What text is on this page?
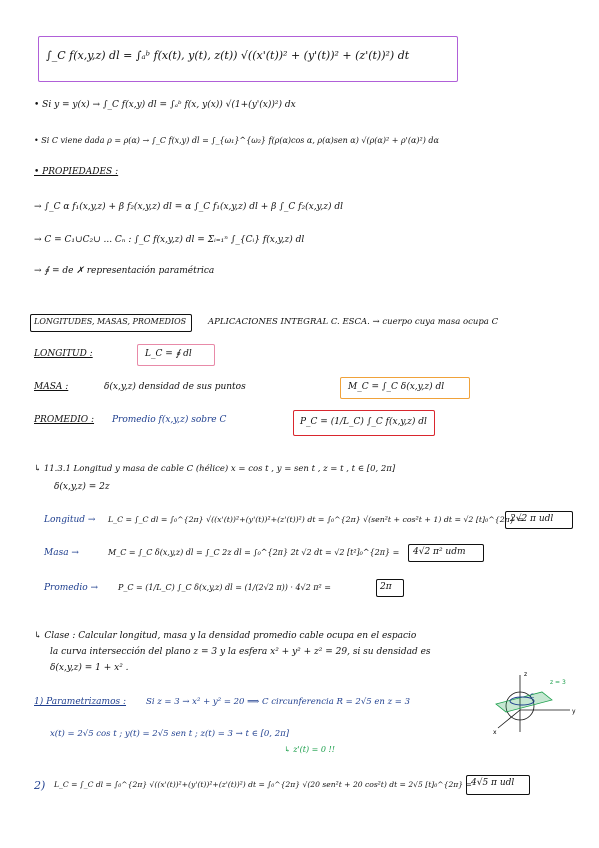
∫_C f(x,y,z) dl = ∫ₐᵇ f(x(t), y(t), z(t)) √((x'(t))² + (y'(t))² + (z'(t))²) dt
• Si y = y(x) → ∫_C f(x,y) dl = ∫ₐᵇ f(x, y(x)) √(1+(y'(x))²) dx
• Si C viene dada ρ = ρ(α) → ∫_C f(x,y) dl = ∫_{ω₁}^{ω₂} f(ρ(α)cos α, ρ(α)sen α) √(ρ(α)² + ρ'(α)²) dα
• PROPIEDADES :
→ ∫_C α f₁(x,y,z) + β f₂(x,y,z) dl = α ∫_C f₁(x,y,z) dl + β ∫_C f₂(x,y,z) dl
→ C = C₁∪C₂∪ ... Cₙ : ∫_C f(x,y,z) dl = Σᵢ₌₁ⁿ ∫_{Cᵢ} f(x,y,z) dl
→ ∮ = de ✗ representación paramétrica
LONGITUDES, MASAS, PROMEDIOS	APLICACIONES INTEGRAL C. ESCA. → cuerpo cuya masa ocupa C
LONGITUD :	L_C = ∮ dl
MASA :	δ(x,y,z) densidad de sus puntos	M_C = ∫_C δ(x,y,z) dl
PROMEDIO : Promedio f(x,y,z) sobre C	P_C = (1/L_C) ∫_C f(x,y,z) dl
↳ 11.3.1 Longitud y masa de cable C (hélice) x = cos t , y = sen t , z = t , t ∈ [0, 2π]
δ(x,y,z) = 2z
Longitud → L_C = ∫_C dl = ∫₀^{2π} √((x'(t))²+(y'(t))²+(z'(t))²) dt = ∫₀^{2π} √(sen²t + cos²t + 1) dt = √2 [t]₀^{2π} =
2√2 π udl
Masa →	M_C = ∫_C δ(x,y,z) dl = ∫_C 2z dl = ∫₀^{2π} 2t √2 dt = √2 [t²]₀^{2π} = 4√2 π² udm
Promedio → P_C = (1/L_C) ∫_C δ(x,y,z) dl = (1/(2√2 π)) · 4√2 π² =	2π
↳ Clase : Calcular longitud, masa y la densidad promedio cable ocupa en el espacio
la curva intersección del plano z = 3 y la esfera x² + y² + z² = 29, si su densidad es
δ(x,y,z) = 1 + x² .
1) Parametrizamos : Si z = 3 → x² + y² = 20 ⟹ C circunferencia R = 2√5 en z = 3
z
y
x
C
z = 3
x(t) = 2√5 cos t ; y(t) = 2√5 sen t ; z(t) = 3 → t ∈ [0, 2π]
↳ z'(t) = 0 !!
2) L_C = ∫_C dl = ∫₀^{2π} √((x'(t))²+(y'(t))²+(z'(t))²) dt = ∫₀^{2π} √(20 sen²t + 20 cos²t) dt = 2√5 [t]₀^{2π} = 4√5 π udl
